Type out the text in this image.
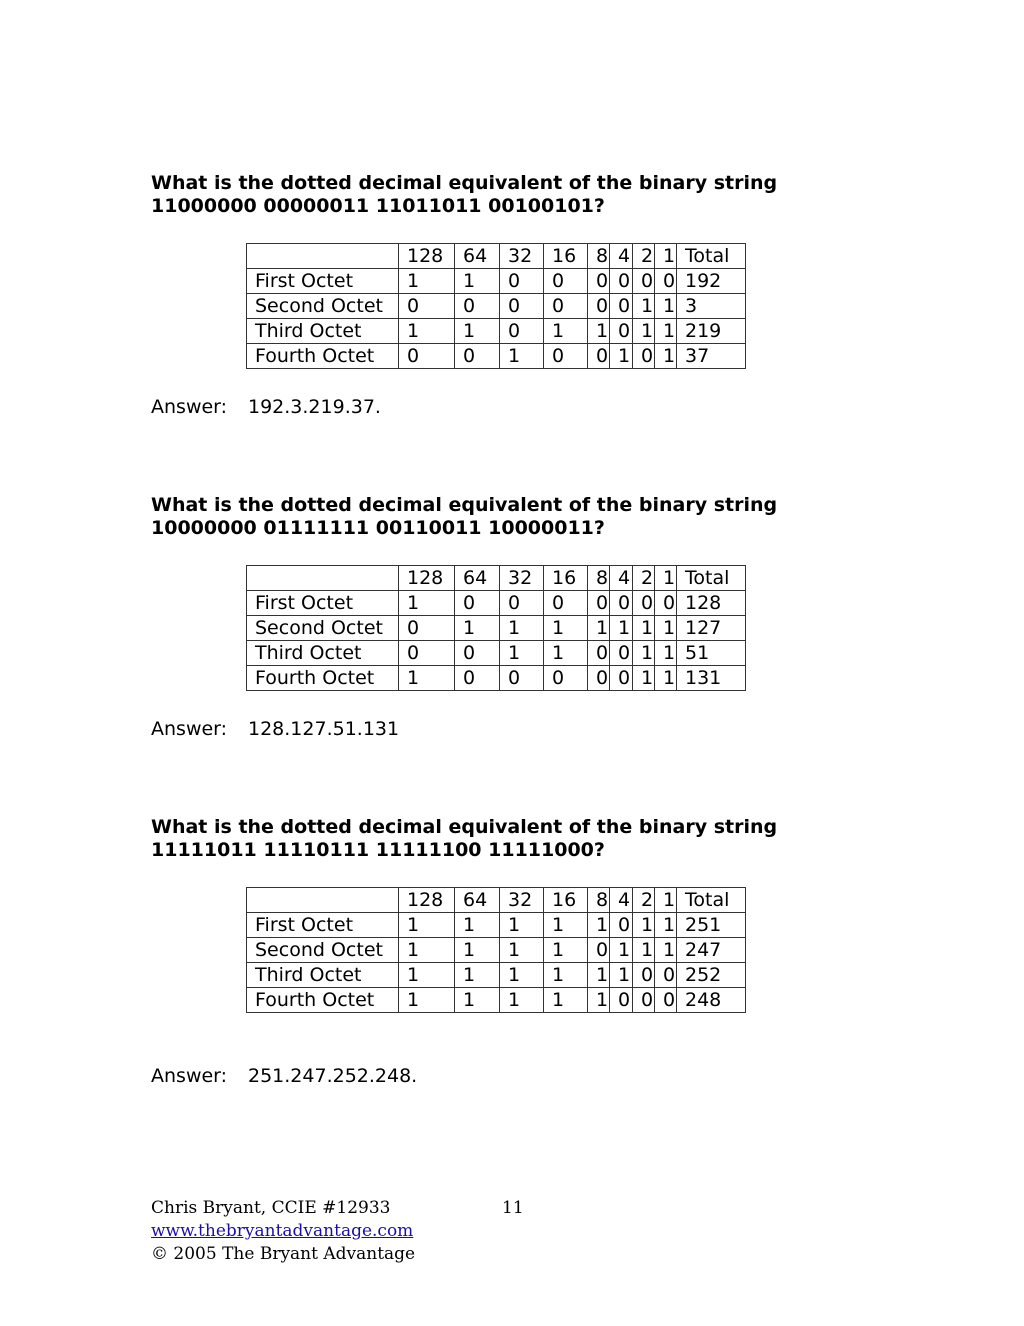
What is the dotted decimal equivalent of the binary string
11000000 00000011 11011011 00100101?
	128	64	32	16	8	4	2	1	Total
First Octet	1	1	0	0	0	0	0	0	192
Second Octet	0	0	0	0	0	0	1	1	3
Third Octet	1	1	0	1	1	0	1	1	219
Fourth Octet	0	0	1	0	0	1	0	1	37
Answer: 192.3.219.37.
What is the dotted decimal equivalent of the binary string
10000000 01111111 00110011 10000011?
	128	64	32	16	8	4	2	1	Total
First Octet	1	0	0	0	0	0	0	0	128
Second Octet	0	1	1	1	1	1	1	1	127
Third Octet	0	0	1	1	0	0	1	1	51
Fourth Octet	1	0	0	0	0	0	1	1	131
Answer: 128.127.51.131
What is the dotted decimal equivalent of the binary string
11111011 11110111 11111100 11111000?
	128	64	32	16	8	4	2	1	Total
First Octet	1	1	1	1	1	0	1	1	251
Second Octet	1	1	1	1	0	1	1	1	247
Third Octet	1	1	1	1	1	1	0	0	252
Fourth Octet	1	1	1	1	1	0	0	0	248
Answer: 251.247.252.248.
Chris Bryant, CCIE #12933
www.thebryantadvantage.com
© 2005 The Bryant Advantage
11
